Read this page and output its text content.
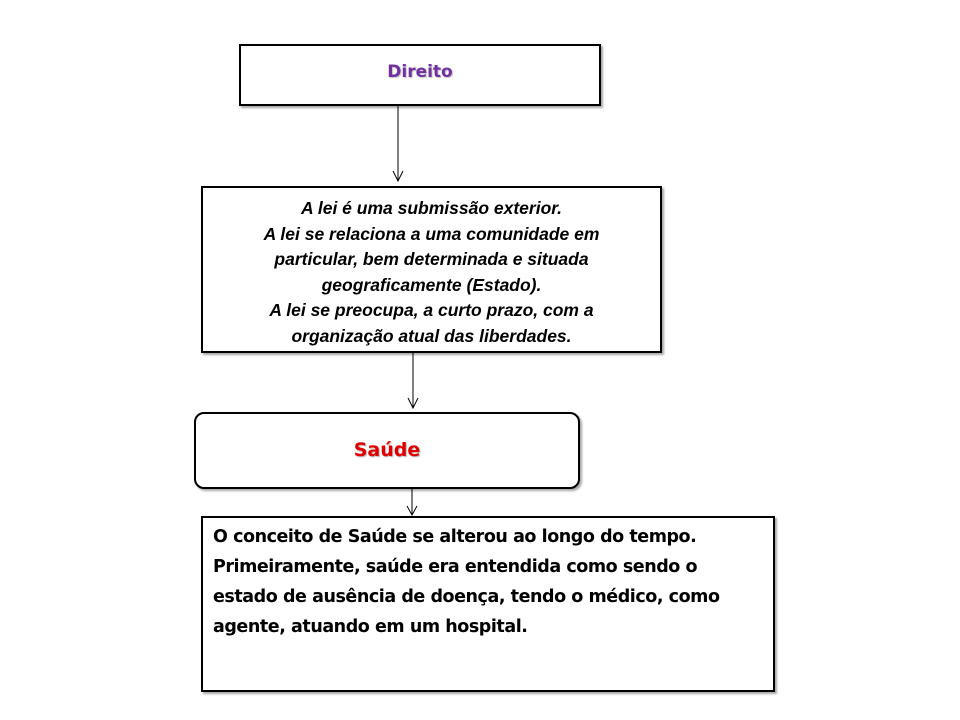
Direito
A lei é uma submissão exterior.
A lei se relaciona a uma comunidade em
particular, bem determinada e situada
geograficamente (Estado).
A lei se preocupa, a curto prazo, com a
organização atual das liberdades.
Saúde
O conceito de Saúde se alterou ao longo do tempo.
Primeiramente, saúde era entendida como sendo o
estado de ausência de doença, tendo o médico, como
agente, atuando em um hospital.
